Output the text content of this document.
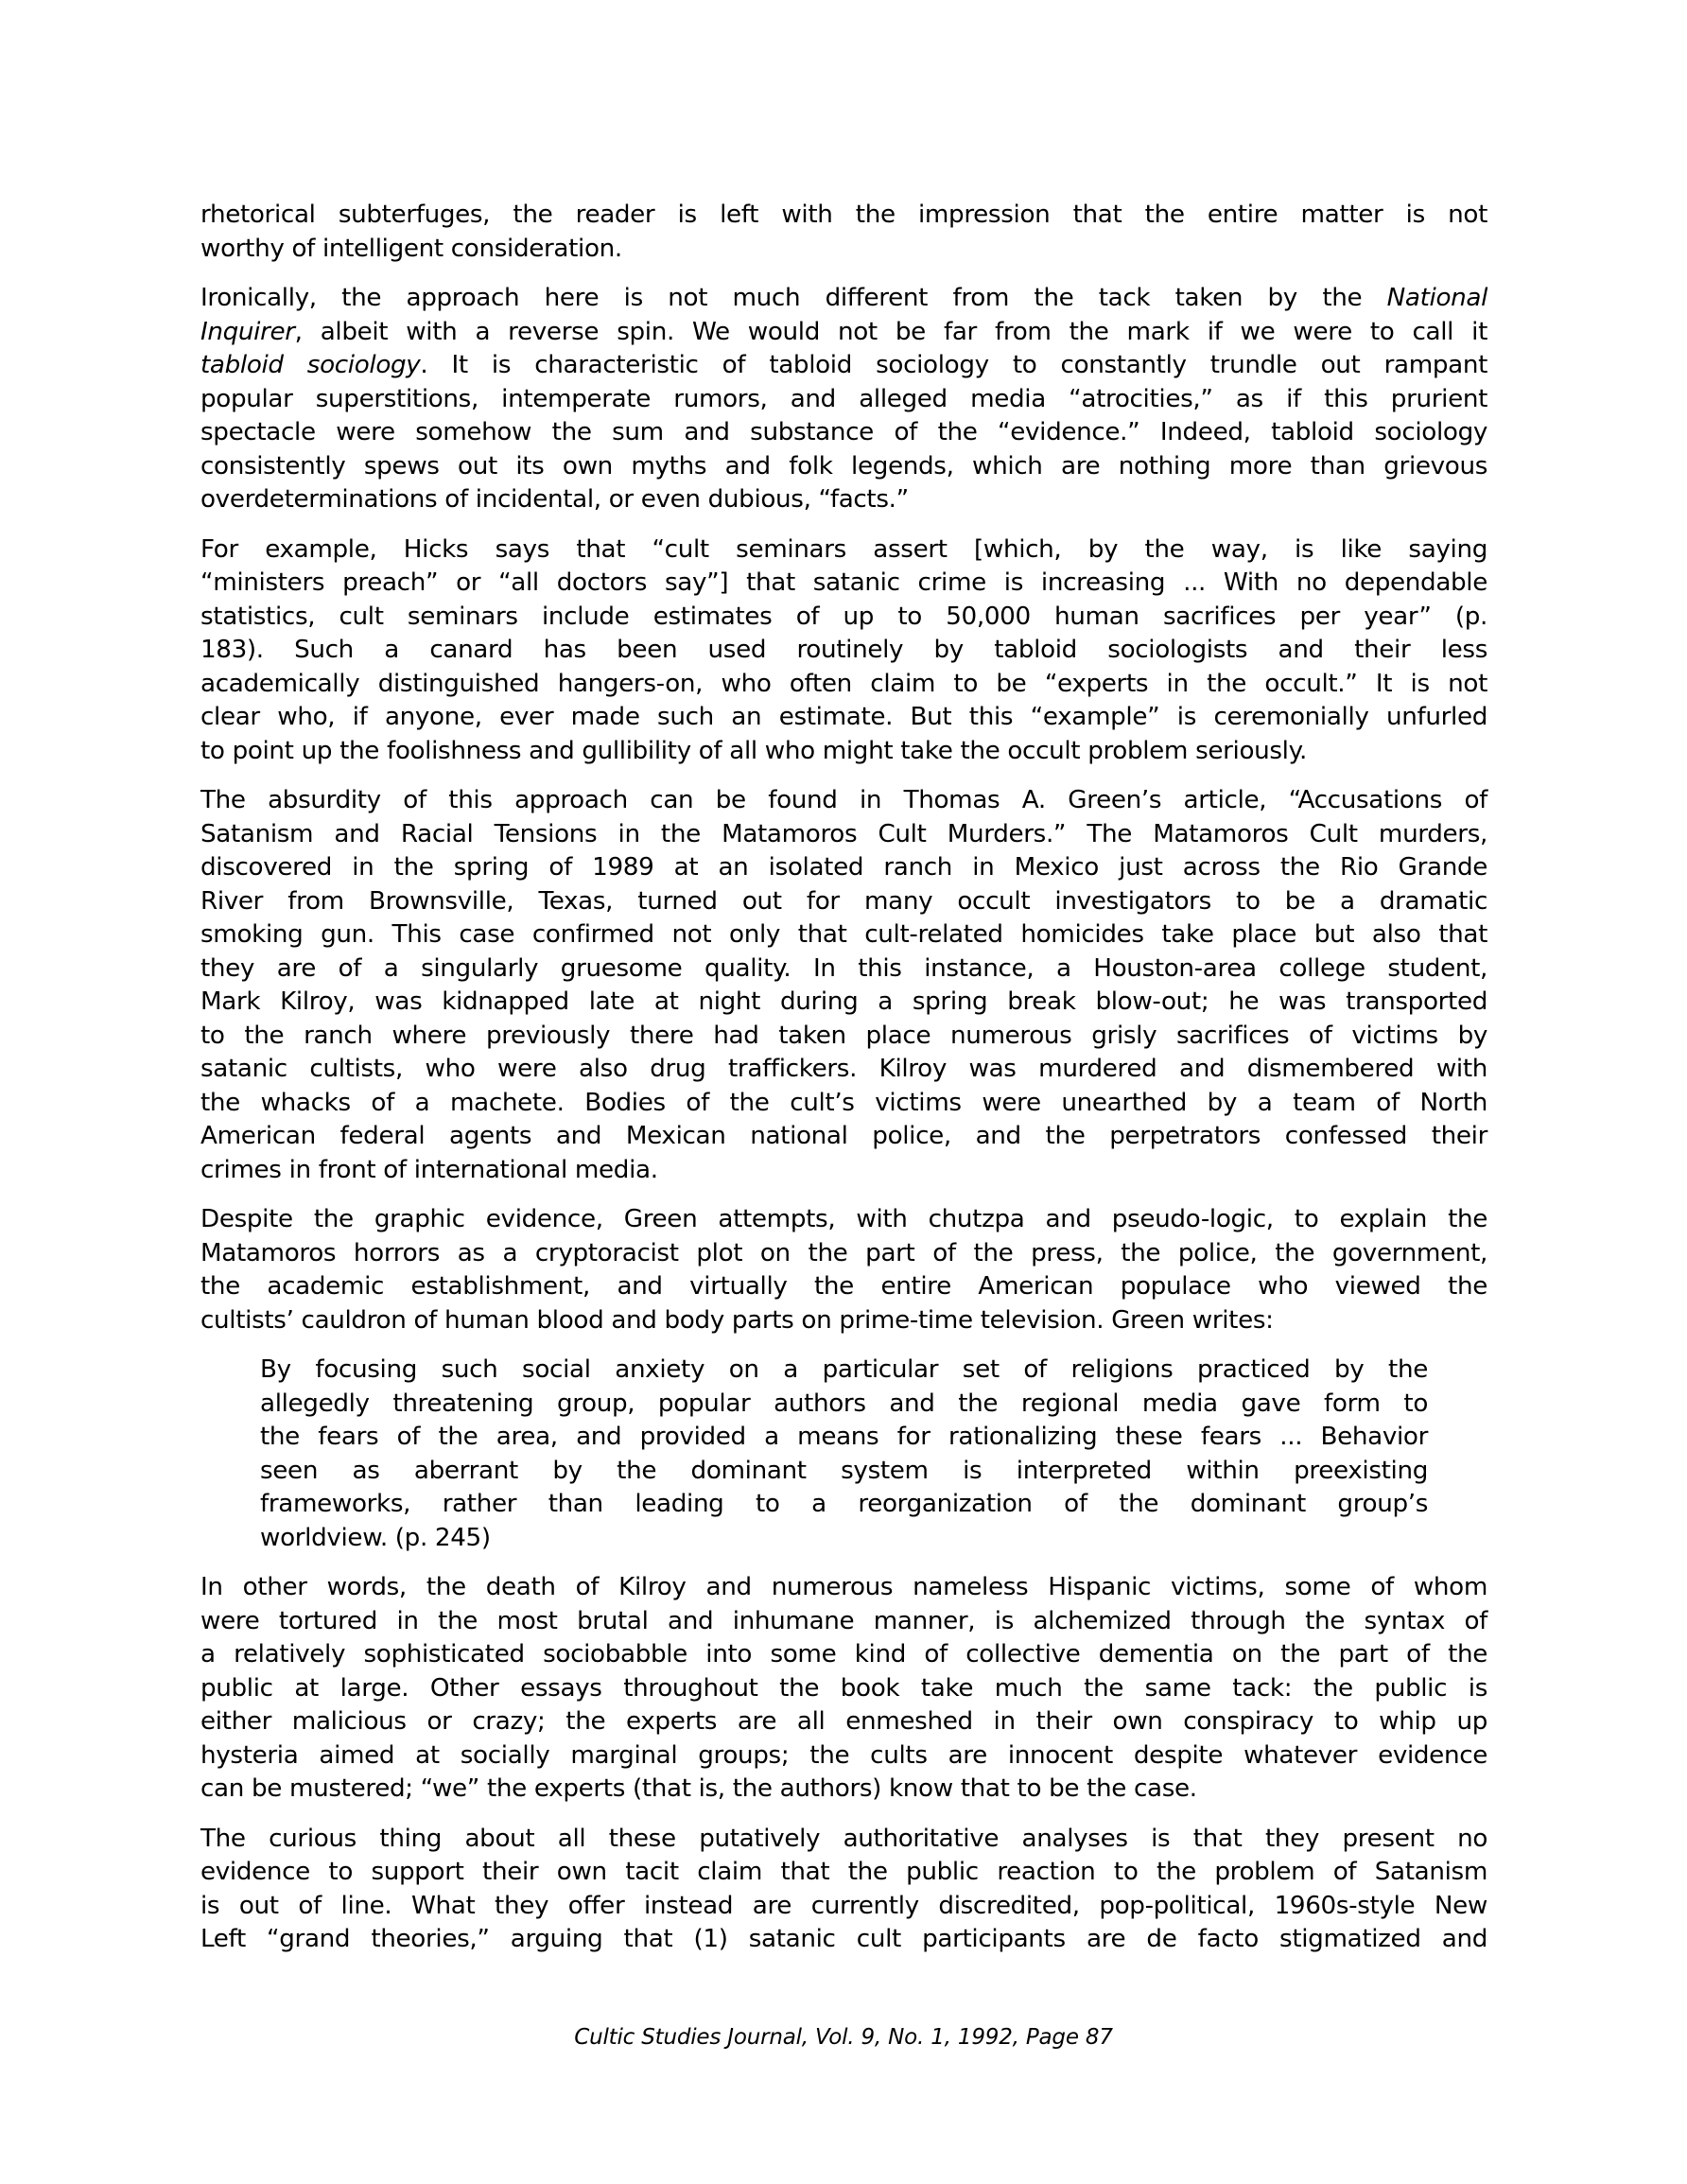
rhetorical subterfuges, the reader is left with the impression that the entire matter is not
worthy of intelligent consideration.
Ironically, the approach here is not much different from the tack taken by the National
Inquirer, albeit with a reverse spin. We would not be far from the mark if we were to call it
tabloid sociology. It is characteristic of tabloid sociology to constantly trundle out rampant
popular superstitions, intemperate rumors, and alleged media “atrocities,” as if this prurient
spectacle were somehow the sum and substance of the “evidence.” Indeed, tabloid sociology
consistently spews out its own myths and folk legends, which are nothing more than grievous
overdeterminations of incidental, or even dubious, “facts.”
For example, Hicks says that “cult seminars assert [which, by the way, is like saying
“ministers preach” or “all doctors say”] that satanic crime is increasing ... With no dependable
statistics, cult seminars include estimates of up to 50,000 human sacrifices per year” (p.
183). Such a canard has been used routinely by tabloid sociologists and their less
academically distinguished hangers-on, who often claim to be “experts in the occult.” It is not
clear who, if anyone, ever made such an estimate. But this “example” is ceremonially unfurled
to point up the foolishness and gullibility of all who might take the occult problem seriously.
The absurdity of this approach can be found in Thomas A. Green’s article, “Accusations of
Satanism and Racial Tensions in the Matamoros Cult Murders.” The Matamoros Cult murders,
discovered in the spring of 1989 at an isolated ranch in Mexico just across the Rio Grande
River from Brownsville, Texas, turned out for many occult investigators to be a dramatic
smoking gun. This case confirmed not only that cult-related homicides take place but also that
they are of a singularly gruesome quality. In this instance, a Houston-area college student,
Mark Kilroy, was kidnapped late at night during a spring break blow-out; he was transported
to the ranch where previously there had taken place numerous grisly sacrifices of victims by
satanic cultists, who were also drug traffickers. Kilroy was murdered and dismembered with
the whacks of a machete. Bodies of the cult’s victims were unearthed by a team of North
American federal agents and Mexican national police, and the perpetrators confessed their
crimes in front of international media.
Despite the graphic evidence, Green attempts, with chutzpa and pseudo-logic, to explain the
Matamoros horrors as a cryptoracist plot on the part of the press, the police, the government,
the academic establishment, and virtually the entire American populace who viewed the
cultists’ cauldron of human blood and body parts on prime-time television. Green writes:
By focusing such social anxiety on a particular set of religions practiced by the
allegedly threatening group, popular authors and the regional media gave form to
the fears of the area, and provided a means for rationalizing these fears ... Behavior
seen as aberrant by the dominant system is interpreted within preexisting
frameworks, rather than leading to a reorganization of the dominant group’s
worldview. (p. 245)
In other words, the death of Kilroy and numerous nameless Hispanic victims, some of whom
were tortured in the most brutal and inhumane manner, is alchemized through the syntax of
a relatively sophisticated sociobabble into some kind of collective dementia on the part of the
public at large. Other essays throughout the book take much the same tack: the public is
either malicious or crazy; the experts are all enmeshed in their own conspiracy to whip up
hysteria aimed at socially marginal groups; the cults are innocent despite whatever evidence
can be mustered; “we” the experts (that is, the authors) know that to be the case.
The curious thing about all these putatively authoritative analyses is that they present no
evidence to support their own tacit claim that the public reaction to the problem of Satanism
is out of line. What they offer instead are currently discredited, pop-political, 1960s-style New
Left “grand theories,” arguing that (1) satanic cult participants are de facto stigmatized and
Cultic Studies Journal, Vol. 9, No. 1, 1992, Page 87
